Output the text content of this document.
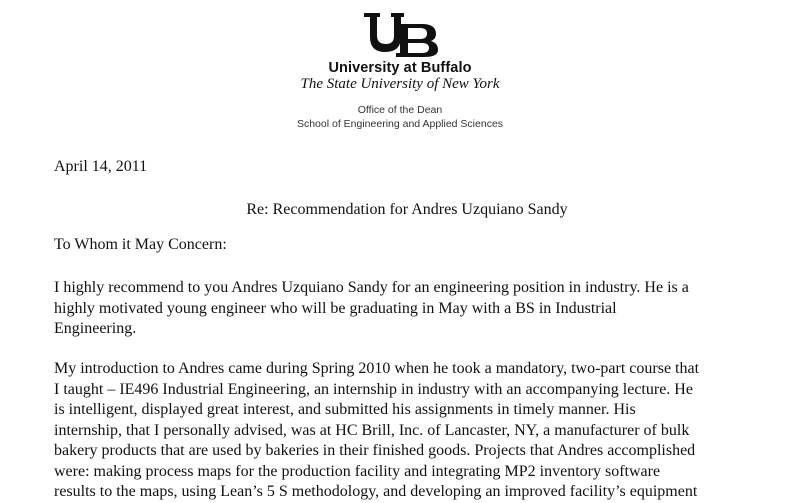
University at Buffalo
The State University of New York
Office of the Dean
School of Engineering and Applied Sciences
April 14, 2011
Re: Recommendation for Andres Uzquiano Sandy
To Whom it May Concern:

I highly recommend to you Andres Uzquiano Sandy for an engineering position in industry. He is a
highly motivated young engineer who will be graduating in May with a BS in Industrial
Engineering.

My introduction to Andres came during Spring 2010 when he took a mandatory, two-part course that
I taught – IE496 Industrial Engineering, an internship in industry with an accompanying lecture. He
is intelligent, displayed great interest, and submitted his assignments in timely manner. His
internship, that I personally advised, was at HC Brill, Inc. of Lancaster, NY, a manufacturer of bulk
bakery products that are used by bakeries in their finished goods. Projects that Andres accomplished
were: making process maps for the production facility and integrating MP2 inventory software
results to the maps, using Lean’s 5 S methodology, and developing an improved facility’s equipment
